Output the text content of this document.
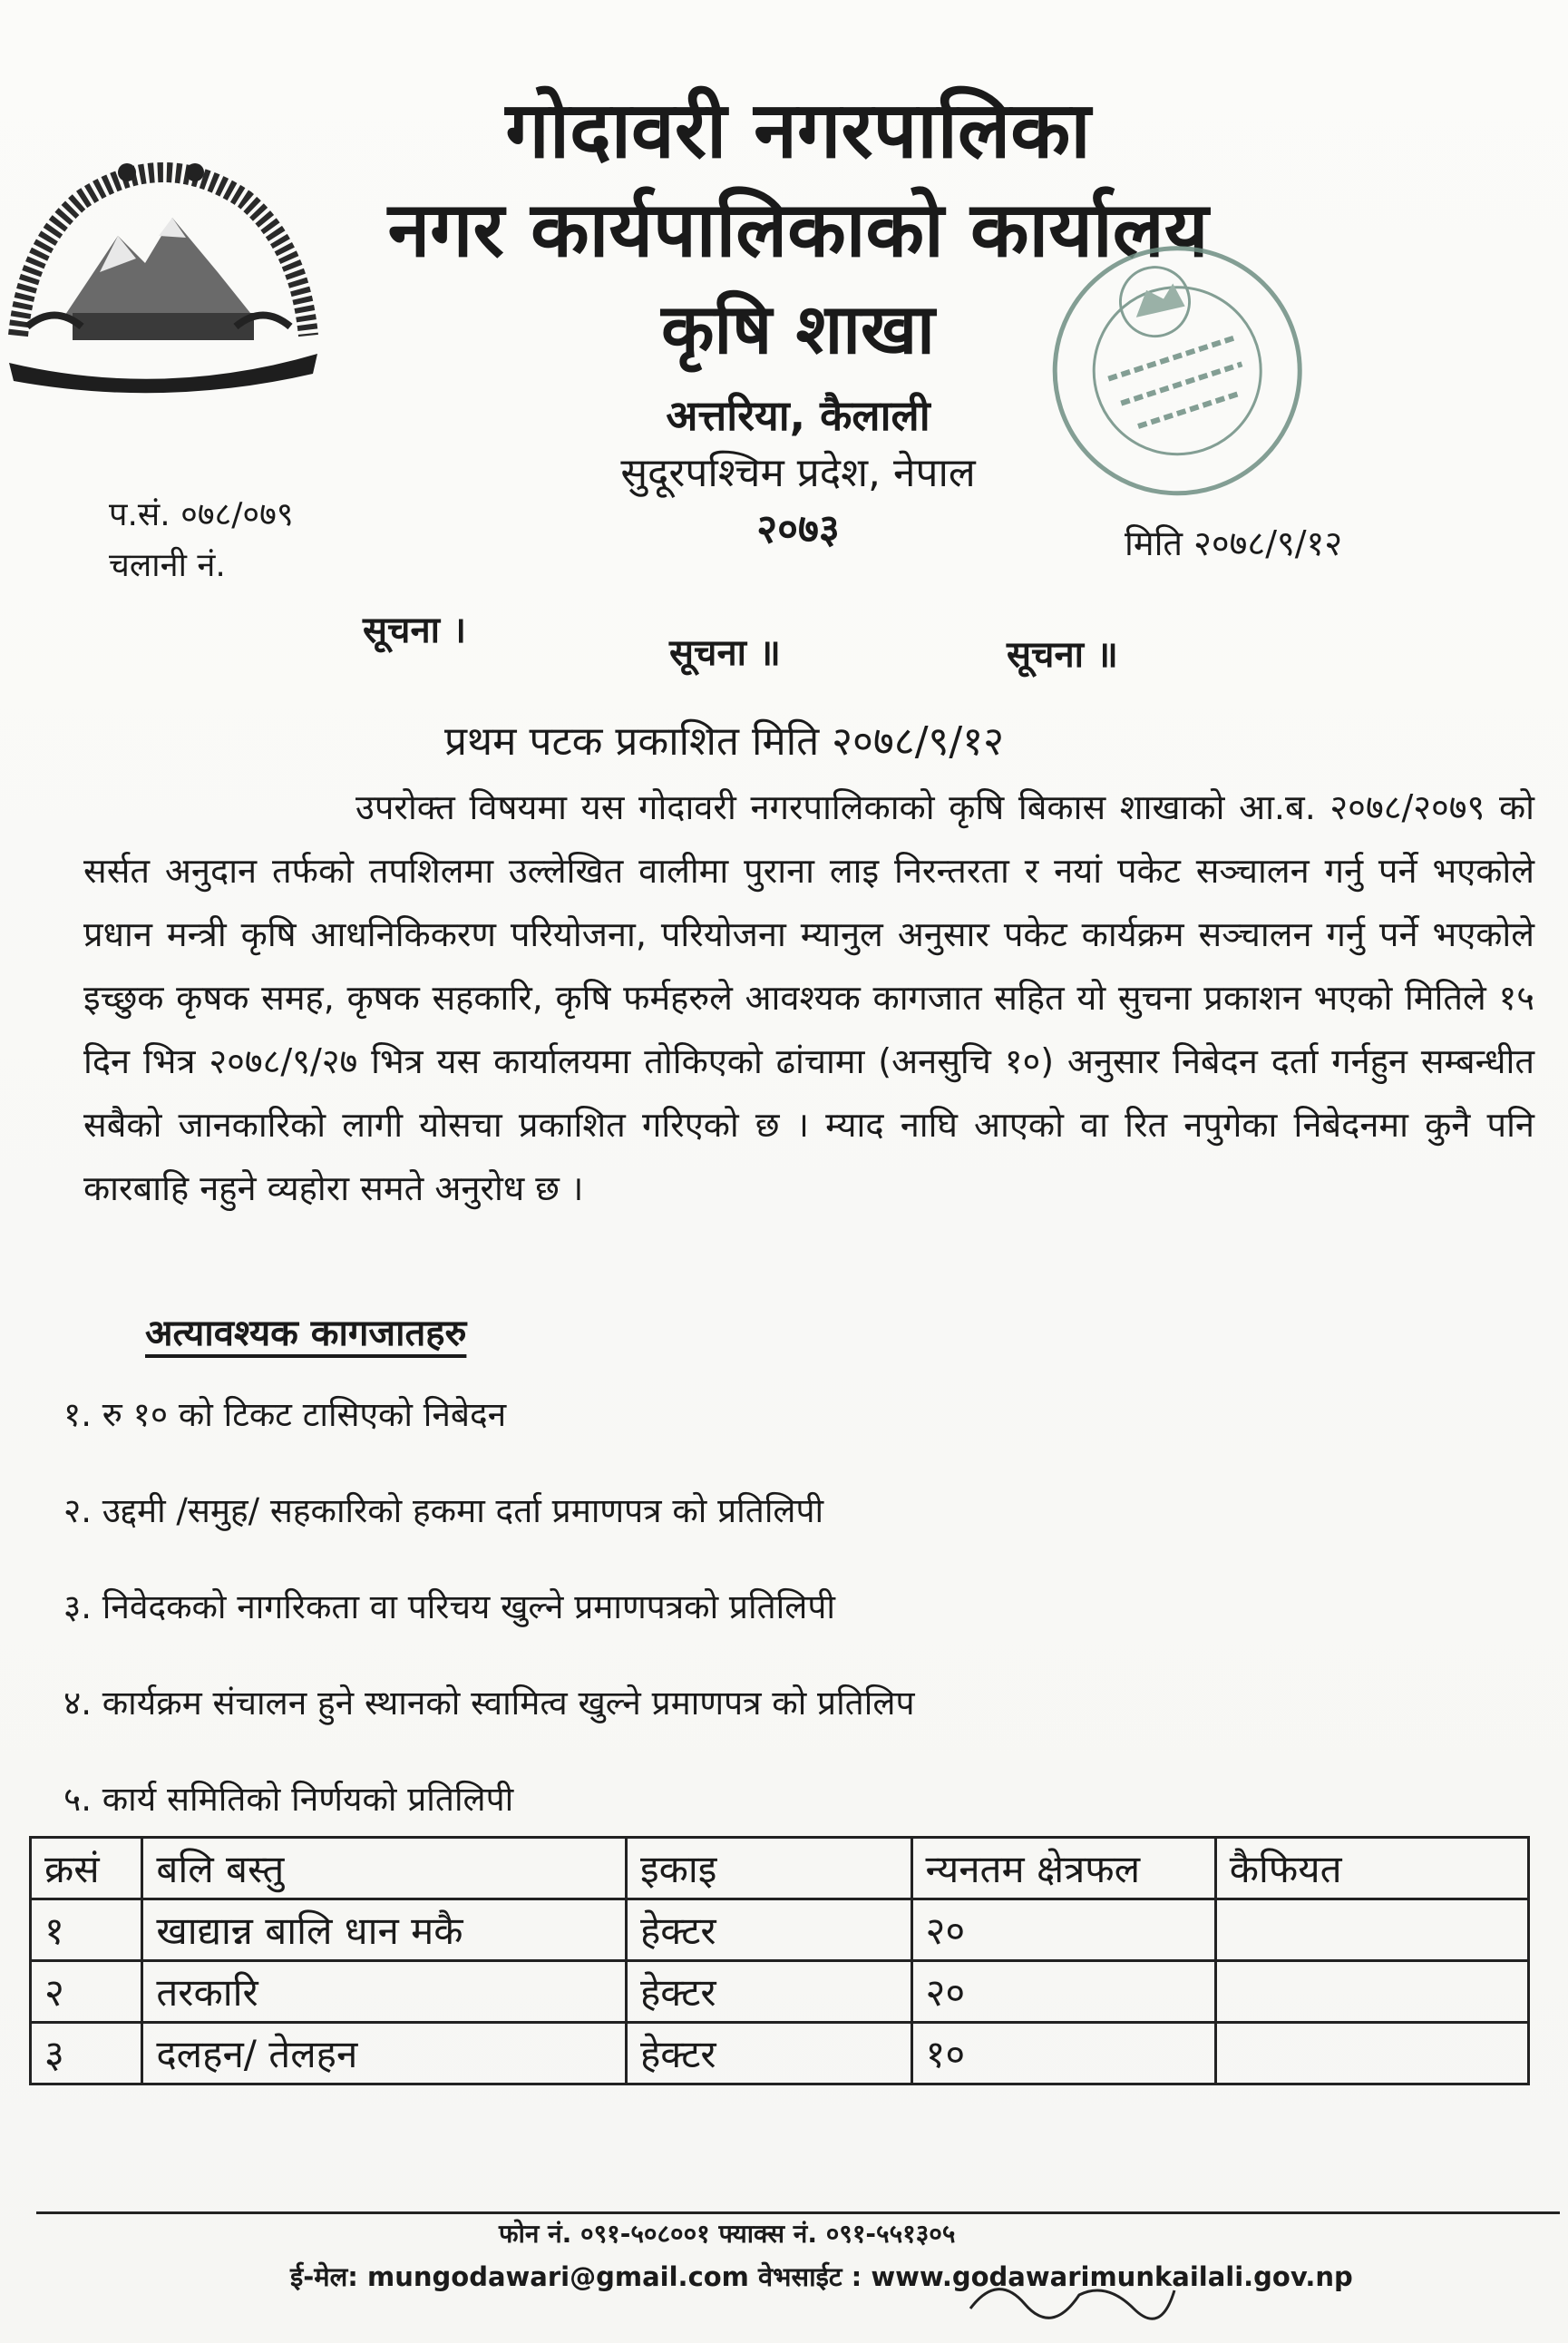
गोदावरी नगरपालिका
नगर कार्यपालिकाको कार्यालय
कृषि शाखा
अत्तरिया, कैलाली
सुदूरपश्चिम प्रदेश, नेपाल
२०७३
प.सं. ०७८/०७९
चलानी नं.
मिति २०७८/९/१२
सूचना ।
सूचना ॥	सूचना ॥
प्रथम पटक प्रकाशित मिति २०७८/९/१२

उपरोक्त विषयमा यस गोदावरी नगरपालिकाको कृषि बिकास शाखाको आ.ब. २०७८/२०७९ को सर्सत अनुदान तर्फको तपशिलमा उल्लेखित वालीमा पुराना लाइ निरन्तरता र नयां पकेट सञ्चालन गर्नु पर्ने भएकोले प्रधान मन्त्री कृषि आधनिकिकरण परियोजना, परियोजना म्यानुल अनुसार पकेट कार्यक्रम सञ्चालन गर्नु पर्ने भएकोले इच्छुक कृषक समह, कृषक सहकारि, कृषि फर्महरुले आवश्यक कागजात सहित यो सुचना प्रकाशन भएको मितिले १५ दिन भित्र २०७८/९/२७ भित्र यस कार्यालयमा तोकिएको ढांचामा (अनसुचि १०) अनुसार निबेदन दर्ता गर्नहुन सम्बन्धीत सबैको जानकारिको लागी योसचा प्रकाशित गरिएको छ । म्याद नाघि आएको वा रित नपुगेका निबेदनमा कुनै पनि कारबाहि नहुने व्यहोरा समते अनुरोध छ ।

अत्यावश्यक कागजातहरु
१. रु १० को टिकट टासिएको निबेदन
२. उद्दमी /समुह/ सहकारिको हकमा दर्ता प्रमाणपत्र को प्रतिलिपी
३. निवेदकको नागरिकता वा परिचय खुल्ने प्रमाणपत्रको प्रतिलिपी
४. कार्यक्रम संचालन हुने स्थानको स्वामित्व खुल्ने प्रमाणपत्र को प्रतिलिप
५. कार्य समितिको निर्णयको प्रतिलिपी
क्रसं	बलि बस्तु	इकाइ	न्यनतम क्षेत्रफल	कैफियत
१	खाद्यान्न बालि धान मकै	हेक्टर	२०	
२	तरकारि	हेक्टर	२०	
३	दलहन/ तेलहन	हेक्टर	१०	
फोन नं. ०९१-५०८००१ फ्याक्स नं. ०९१-५५१३०५
ई-मेल: mungodawari@gmail.com वेभसाईट : www.godawarimunkailali.gov.np
